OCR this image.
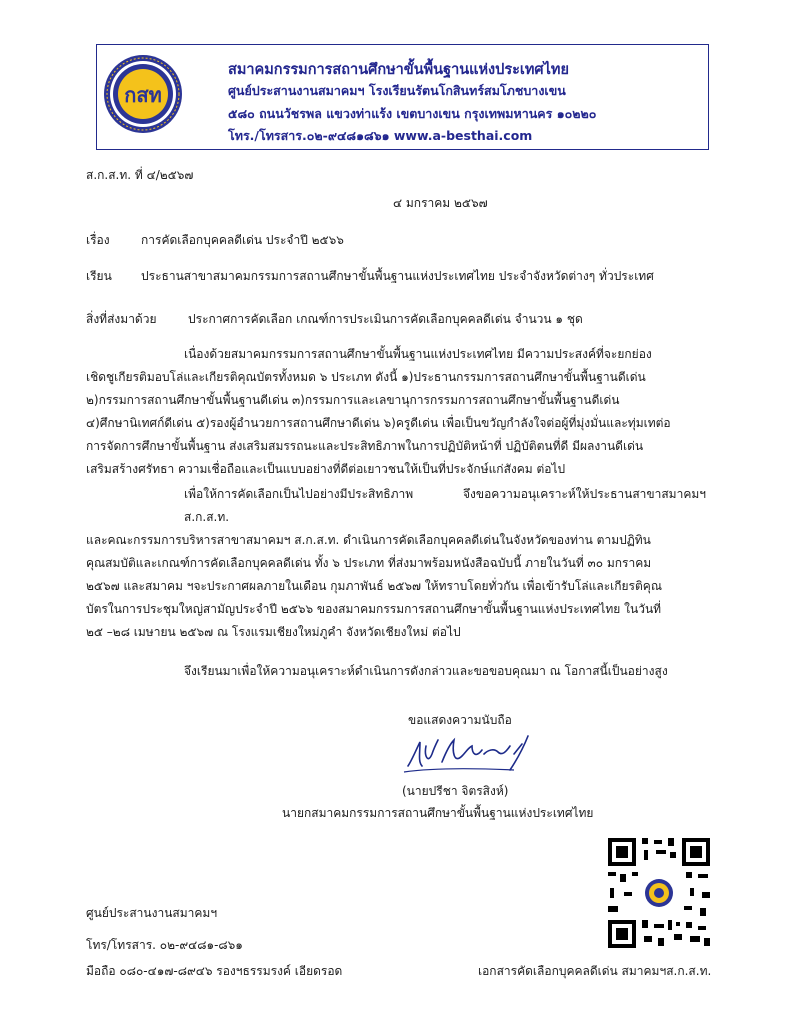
กสท
สมาคมกรรมการสถานศึกษาขั้นพื้นฐานแห่งประเทศไทย
ศูนย์ประสานงานสมาคมฯ โรงเรียนรัตนโกสินทร์สมโภชบางเขน
๕๘๐ ถนนวัชรพล แขวงท่าแร้ง เขตบางเขน กรุงเทพมหานคร ๑๐๒๒๐
โทร./โทรสาร.๐๒-๙๔๘๑๘๖๑ www.a-besthai.com
ส.ก.ส.ท. ที่ ๔/๒๕๖๗
๔ มกราคม ๒๕๖๗
เรื่อง	การคัดเลือกบุคคลดีเด่น ประจำปี ๒๕๖๖
เรียน ประธานสาขาสมาคมกรรมการสถานศึกษาขั้นพื้นฐานแห่งประเทศไทย ประจำจังหวัดต่างๆ ทั่วประเทศ
สิ่งที่ส่งมาด้วย	ประกาศการคัดเลือก เกณฑ์การประเมินการคัดเลือกบุคคลดีเด่น จำนวน ๑ ชุด

เนื่องด้วยสมาคมกรรมการสถานศึกษาขั้นพื้นฐานแห่งประเทศไทย มีความประสงค์ที่จะยกย่อง

เชิดชูเกียรติมอบโล่และเกียรติคุณบัตรทั้งหมด ๖ ประเภท ดังนี้ ๑)ประธานกรรมการสถานศึกษาขั้นพื้นฐานดีเด่น

๒)กรรมการสถานศึกษาขั้นพื้นฐานดีเด่น ๓)กรรมการและเลขานุการกรรมการสถานศึกษาขั้นพื้นฐานดีเด่น

๔)ศึกษานิเทศก์ดีเด่น ๕)รองผู้อำนวยการสถานศึกษาดีเด่น ๖)ครูดีเด่น เพื่อเป็นขวัญกำลังใจต่อผู้ที่มุ่งมั่นและทุ่มเทต่อ

การจัดการศึกษาขั้นพื้นฐาน ส่งเสริมสมรรถนะและประสิทธิภาพในการปฏิบัติหน้าที่ ปฏิบัติตนที่ดี มีผลงานดีเด่น

เสริมสร้างศรัทธา ความเชื่อถือและเป็นแบบอย่างที่ดีต่อเยาวชนให้เป็นที่ประจักษ์แก่สังคม ต่อไป

เพื่อให้การคัดเลือกเป็นไปอย่างมีประสิทธิภาพ จึงขอความอนุเคราะห์ให้ประธานสาขาสมาคมฯ ส.ก.ส.ท.

และคณะกรรมการบริหารสาขาสมาคมฯ ส.ก.ส.ท. ดำเนินการคัดเลือกบุคคลดีเด่นในจังหวัดของท่าน ตามปฏิทิน

คุณสมบัติและเกณฑ์การคัดเลือกบุคคลดีเด่น ทั้ง ๖ ประเภท ที่ส่งมาพร้อมหนังสือฉบับนี้ ภายในวันที่ ๓๐ มกราคม

๒๕๖๗ และสมาคม ฯจะประกาศผลภายในเดือน กุมภาพันธ์ ๒๕๖๗ ให้ทราบโดยทั่วกัน เพื่อเข้ารับโล่และเกียรติคุณ

บัตรในการประชุมใหญ่สามัญประจำปี ๒๕๖๖ ของสมาคมกรรมการสถานศึกษาขั้นพื้นฐานแห่งประเทศไทย ในวันที่

๒๕ –๒๘ เมษายน ๒๕๖๗ ณ โรงแรมเชียงใหม่ภูคำ จังหวัดเชียงใหม่ ต่อไป

จึงเรียนมาเพื่อให้ความอนุเคราะห์ดำเนินการดังกล่าวและขอขอบคุณมา ณ โอกาสนี้เป็นอย่างสูง
ขอแสดงความนับถือ
(นายปรีชา จิตรสิงห์)
นายกสมาคมกรรมการสถานศึกษาขั้นพื้นฐานแห่งประเทศไทย
ศูนย์ประสานงานสมาคมฯ
โทร/โทรสาร. ๐๒-๙๔๘๑-๘๖๑
มือถือ ๐๘๐-๔๑๗-๘๙๔๖ รองฯธรรมรงค์ เอียดรอด	เอกสารคัดเลือกบุคคลดีเด่น สมาคมฯส.ก.ส.ท.
